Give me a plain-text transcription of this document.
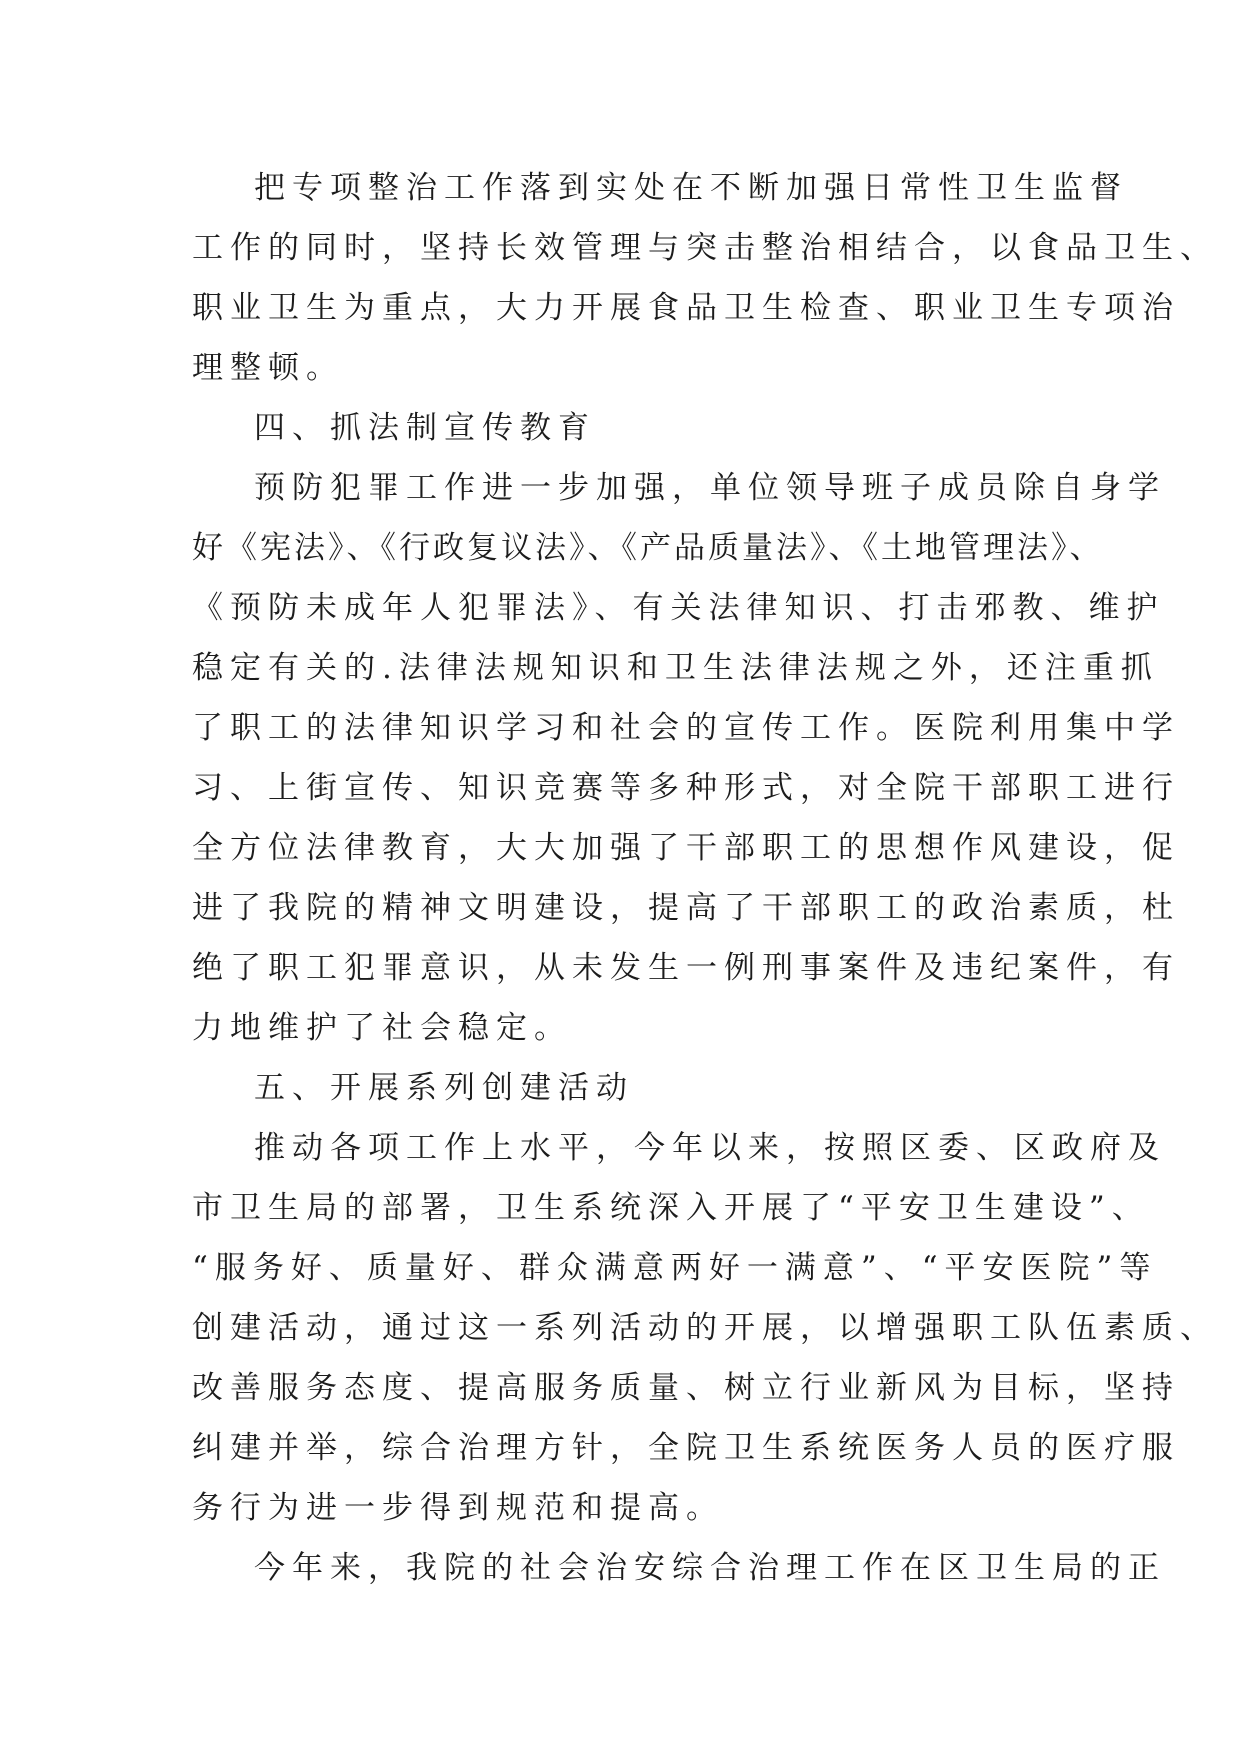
把专项整治工作落到实处在不断加强日常性卫生监督
工作的同时，坚持长效管理与突击整治相结合，以食品卫生、
职业卫生为重点，大力开展食品卫生检查、职业卫生专项治
理整顿。
四、抓法制宣传教育
预防犯罪工作进一步加强，单位领导班子成员除自身学
好《宪法》、《行政复议法》、《产品质量法》、《土地管理法》、
《预防未成年人犯罪法》、有关法律知识、打击邪教、维护
稳定有关的.法律法规知识和卫生法律法规之外，还注重抓
了职工的法律知识学习和社会的宣传工作。医院利用集中学
习、上街宣传、知识竞赛等多种形式，对全院干部职工进行
全方位法律教育，大大加强了干部职工的思想作风建设，促
进了我院的精神文明建设，提高了干部职工的政治素质，杜
绝了职工犯罪意识，从未发生一例刑事案件及违纪案件，有
力地维护了社会稳定。
五、开展系列创建活动
推动各项工作上水平，今年以来，按照区委、区政府及
市卫生局的部署，卫生系统深入开展了“平安卫生建设”、
“服务好、质量好、群众满意两好一满意”、“平安医院”等
创建活动，通过这一系列活动的开展，以增强职工队伍素质、
改善服务态度、提高服务质量、树立行业新风为目标，坚持
纠建并举，综合治理方针，全院卫生系统医务人员的医疗服
务行为进一步得到规范和提高。
今年来，我院的社会治安综合治理工作在区卫生局的正
